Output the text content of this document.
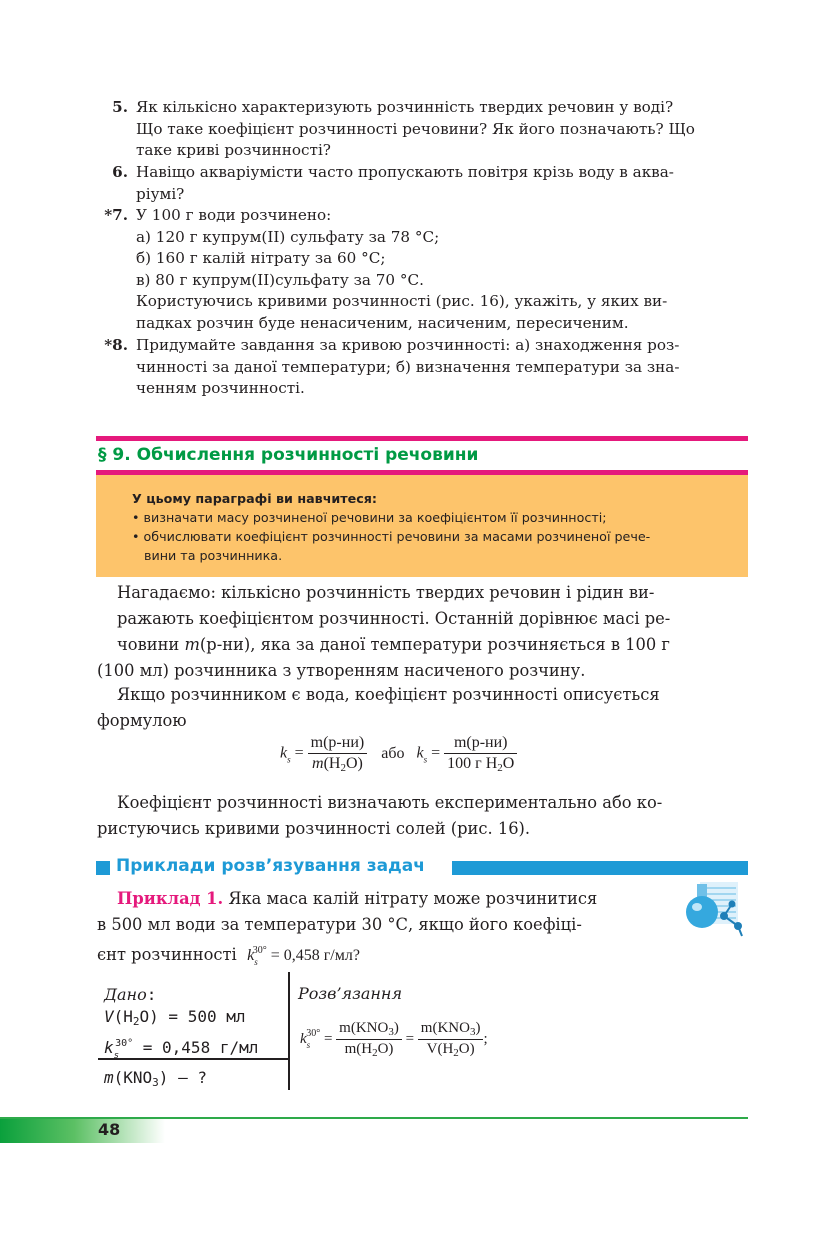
5. Як кількісно характеризують розчинність твердих речовин у воді?
Що таке коефіцієнт розчинності речовини? Як його позначають? Що
таке криві розчинності?
6. Навіщо акваріумісти часто пропускають повітря крізь воду в аква-
ріумі?
*7. У 100 г води розчинено:
а) 120 г купрум(ІІ) сульфату за 78 °С;
б) 160 г калій нітрату за 60 °С;
в) 80 г купрум(ІІ)сульфату за 70 °С.
Користуючись кривими розчинності (рис. 16), укажіть, у яких ви-
падках розчин буде ненасиченим, насиченим, пересиченим.
*8. Придумайте завдання за кривою розчинності: а) знаходження роз-
чинності за даної температури; б) визначення температури за зна-
ченням розчинності.
§ 9. Обчислення розчинності речовини
У цьому параграфі ви навчитеся:
• визначати масу розчиненої речовини за коефіцієнтом її розчинності;
• обчислювати коефіцієнт розчинності речовини за масами розчиненої рече-
вини та розчинника.
Нагадаємо: кількісно розчинність твердих речовин і рідин ви-
ражають коефіцієнтом розчинності. Останній дорівнює масі ре-
човини m(р-ни), яка за даної температури розчиняється в 100 г
(100 мл) розчинника з утворенням насиченого розчину.
Якщо розчинником є вода, коефіцієнт розчинності описується
формулою
$k_s = \frac{m(р-ни)}{m(H_2O)}$ або $k_s = \frac{m(р-ни)}{100 г H_2O}$
Коефіцієнт розчинності визначають експериментально або ко-
ристуючись кривими розчинності солей (рис. 16).
Приклади розв’язування задач
Приклад 1. Яка маса калій нітрату може розчинитися
в 500 мл води за температури 30 °С, якщо його коефіці-
єнт розчинності $k_s^{30^\circ} = 0,458$ г/мл?
Дано:
$V(H_2O) = 500$ мл
$k_s^{30^\circ} = 0,458$ г/мл
$m(KNO_3)$ — ?
Розв’язання
$k_s^{30^\circ} = \frac{m(KNO_3)}{m(H_2O)} = \frac{m(KNO_3)}{V(H_2O)}$ ;
48
